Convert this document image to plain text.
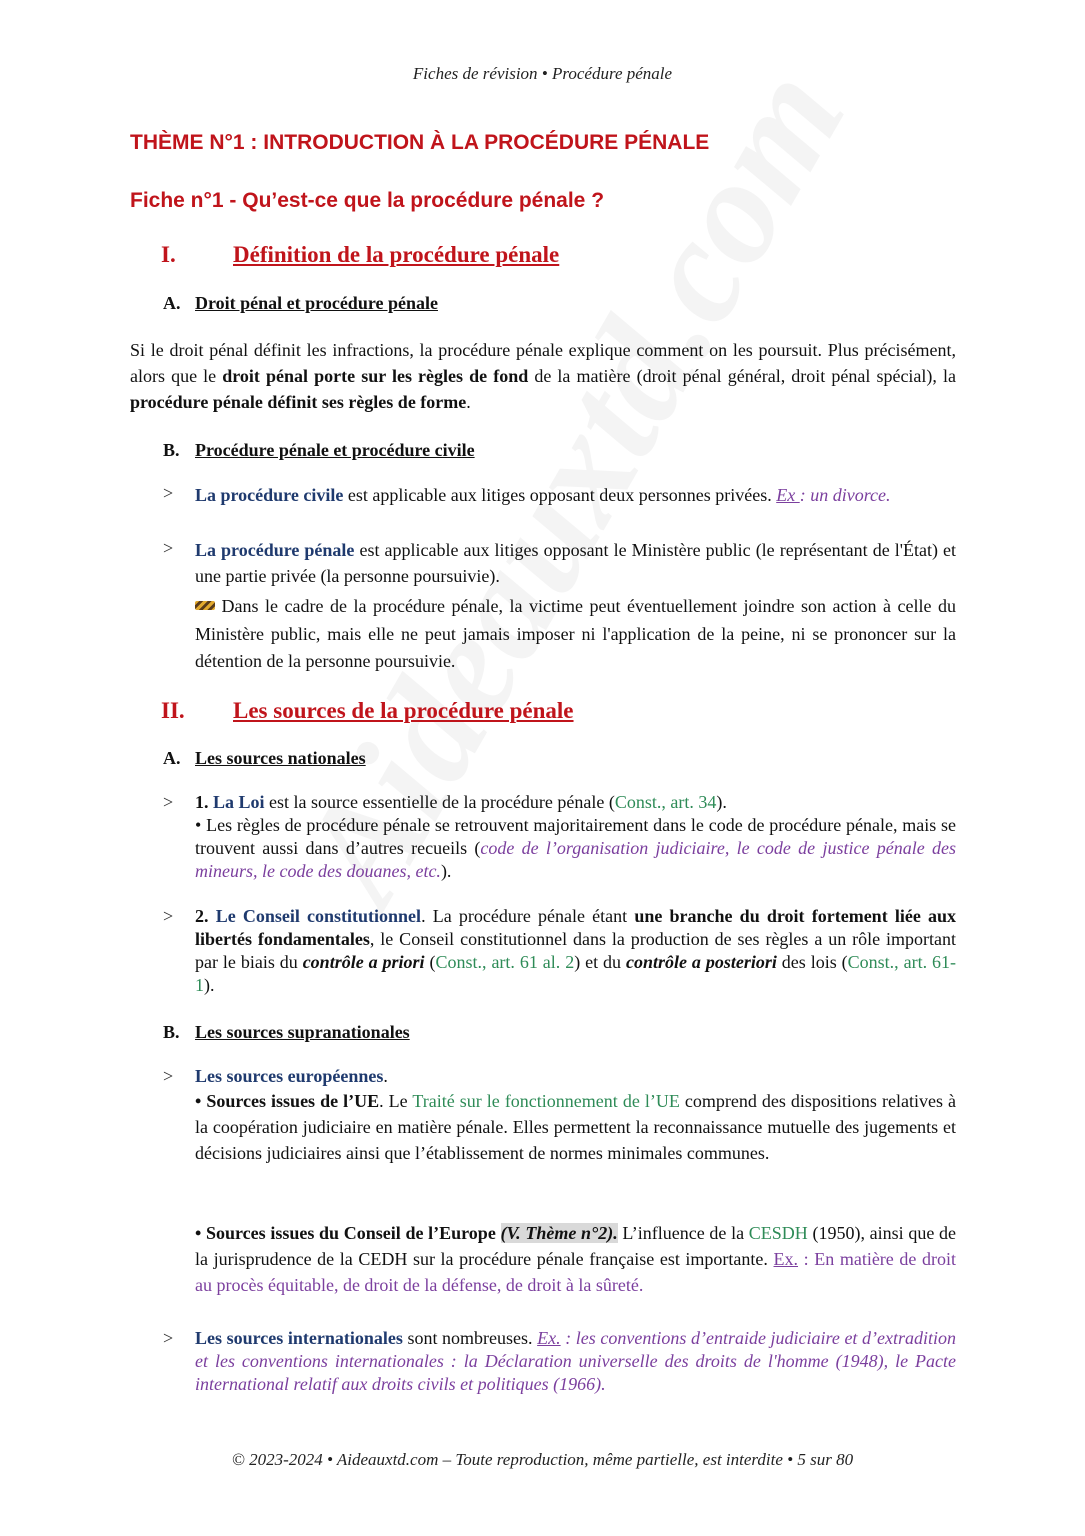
Fiches de révision • Procédure pénale
THÈME N°1 : INTRODUCTION À LA PROCÉDURE PÉNALE
Fiche n°1 - Qu’est-ce que la procédure pénale ?
I. Définition de la procédure pénale
A. Droit pénal et procédure pénale
Si le droit pénal définit les infractions, la procédure pénale explique comment on les poursuit. Plus précisément, alors que le droit pénal porte sur les règles de fond de la matière (droit pénal général, droit pénal spécial), la procédure pénale définit ses règles de forme.
B. Procédure pénale et procédure civile
> La procédure civile est applicable aux litiges opposant deux personnes privées. Ex : un divorce.
> La procédure pénale est applicable aux litiges opposant le Ministère public (le représentant de l'État) et une partie privée (la personne poursuivie).
Dans le cadre de la procédure pénale, la victime peut éventuellement joindre son action à celle du Ministère public, mais elle ne peut jamais imposer ni l'application de la peine, ni se prononcer sur la détention de la personne poursuivie.
II. Les sources de la procédure pénale
A. Les sources nationales
> 1. La Loi est la source essentielle de la procédure pénale (Const., art. 34).
• Les règles de procédure pénale se retrouvent majoritairement dans le code de procédure pénale, mais se trouvent aussi dans d’autres recueils (code de l’organisation judiciaire, le code de justice pénale des mineurs, le code des douanes, etc.).
> 2. Le Conseil constitutionnel. La procédure pénale étant une branche du droit fortement liée aux libertés fondamentales, le Conseil constitutionnel dans la production de ses règles a un rôle important par le biais du contrôle a priori (Const., art. 61 al. 2) et du contrôle a posteriori des lois (Const., art. 61-1).
B. Les sources supranationales
> Les sources européennes.
• Sources issues de l’UE. Le Traité sur le fonctionnement de l’UE comprend des dispositions relatives à la coopération judiciaire en matière pénale. Elles permettent la reconnaissance mutuelle des jugements et décisions judiciaires ainsi que l’établissement de normes minimales communes.
• Sources issues du Conseil de l’Europe (V. Thème n°2). L’influence de la CESDH (1950), ainsi que de la jurisprudence de la CEDH sur la procédure pénale française est importante. Ex. : En matière de droit au procès équitable, de droit de la défense, de droit à la sûreté.
> Les sources internationales sont nombreuses. Ex. : les conventions d’entraide judiciaire et d’extradition et les conventions internationales : la Déclaration universelle des droits de l'homme (1948), le Pacte international relatif aux droits civils et politiques (1966).
© 2023-2024 • Aideauxtd.com – Toute reproduction, même partielle, est interdite • 5 sur 80
